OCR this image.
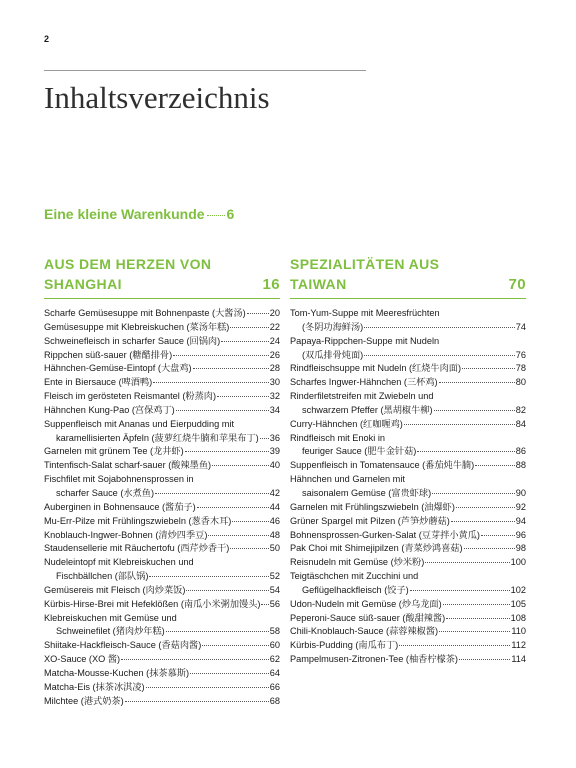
2
Inhaltsverzeichnis
Eine kleine Warenkunde 6
AUS DEM HERZEN VON
SHANGHAI	16
Scharfe Gemüsesuppe mit Bohnenpaste (大酱汤)	20
Gemüsesuppe mit Klebreiskuchen (菜汤年糕)	22
Schweinefleisch in scharfer Sauce (回锅肉)	24
Rippchen süß-sauer (糖醋排骨)	26
Hähnchen-Gemüse-Eintopf (大盘鸡)	28
Ente in Biersauce (啤酒鸭)	30
Fleisch im gerösteten Reismantel (粉蒸肉)	32
Hähnchen Kung-Pao (宫保鸡丁)	34
Suppenfleisch mit Ananas und Eierpudding mit
karamellisierten Äpfeln (菠萝红烧牛腩和苹果布丁) 36
Garnelen mit grünem Tee (龙井虾)	39
Tintenfisch-Salat scharf-sauer (酸辣墨鱼)	40
Fischfilet mit Sojabohnensprossen in
scharfer Sauce (水煮鱼)	42
Auberginen in Bohnensauce (酱茄子)	44
Mu-Err-Pilze mit Frühlingszwiebeln (葱香木耳)	46
Knoblauch-Ingwer-Bohnen (清炒四季豆)	48
Staudensellerie mit Räuchertofu (西芹炒香干)	50
Nudeleintopf mit Klebreiskuchen und
Fischbällchen (部队锅)	52
Gemüsereis mit Fleisch (肉炒菜饭)	54
Kürbis-Hirse-Brei mit Hefeklößen (南瓜小米粥加馒头) 56
Klebreiskuchen mit Gemüse und
Schweinefilet (猪肉炒年糕)	58
Shiitake-Hackfleisch-Sauce (香菇肉酱)	60
XO-Sauce (XO 酱)	62
Matcha-Mousse-Kuchen (抹茶慕斯)	64
Matcha-Eis (抹茶冰淇凌)	66
Milchtee (港式奶茶)	68
SPEZIALITÄTEN AUS
TAIWAN	70
Tom-Yum-Suppe mit Meeresfrüchten
(冬阴功海鲜汤)	74
Papaya-Rippchen-Suppe mit Nudeln
(双瓜排骨炖面)	76
Rindfleischsuppe mit Nudeln (红烧牛肉面)	78
Scharfes Ingwer-Hähnchen (三杯鸡)	80
Rinderfiletstreifen mit Zwiebeln und
schwarzem Pfeffer (黑胡椒牛柳)	82
Curry-Hähnchen (红咖喱鸡)	84
Rindfleisch mit Enoki in
feuriger Sauce (肥牛金针菇)	86
Suppenfleisch in Tomatensauce (番茄炖牛腩)	88
Hähnchen und Garnelen mit
saisonalem Gemüse (富贵虾球)	90
Garnelen mit Frühlingszwiebeln (油爆虾)	92
Grüner Spargel mit Pilzen (芦笋炒蘑菇)	94
Bohnensprossen-Gurken-Salat (豆芽拌小黄瓜)	96
Pak Choi mit Shimejipilzen (青菜炒鸿喜菇)	98
Reisnudeln mit Gemüse (炒米粉)	100
Teigtäschchen mit Zucchini und
Geflügelhackfleisch (饺子)	102
Udon-Nudeln mit Gemüse (炒乌龙面)	105
Peperoni-Sauce süß-sauer (酸甜辣酱)	108
Chili-Knoblauch-Sauce (蒜蓉辣椒酱)	110
Kürbis-Pudding (南瓜布丁)	112
Pampelmusen-Zitronen-Tee (柚香柠檬茶)	114
